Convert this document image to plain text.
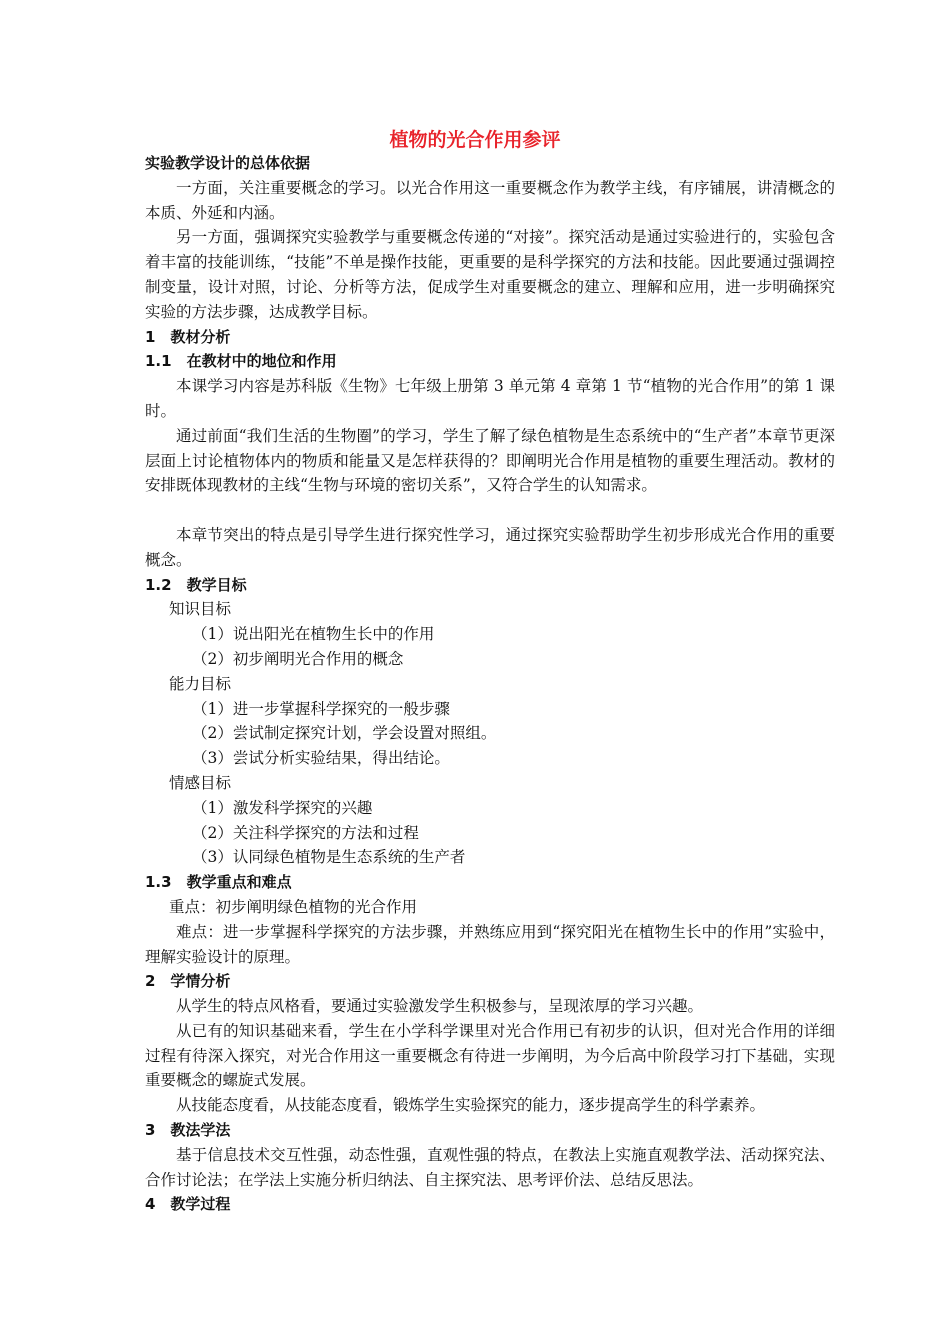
植物的光合作用参评
实验教学设计的总体依据
一方面，关注重要概念的学习。以光合作用这一重要概念作为教学主线，有序铺展，讲清概念的本质、外延和内涵。
另一方面，强调探究实验教学与重要概念传递的“对接”。探究活动是通过实验进行的，实验包含着丰富的技能训练，“技能”不单是操作技能，更重要的是科学探究的方法和技能。因此要通过强调控制变量，设计对照，讨论、分析等方法，促成学生对重要概念的建立、理解和应用，进一步明确探究实验的方法步骤，达成教学目标。
1　教材分析
1.1　在教材中的地位和作用
本课学习内容是苏科版《生物》七年级上册第 3 单元第 4 章第 1 节“植物的光合作用”的第 1 课时。
通过前面“我们生活的生物圈”的学习，学生了解了绿色植物是生态系统中的“生产者”本章节更深层面上讨论植物体内的物质和能量又是怎样获得的？即阐明光合作用是植物的重要生理活动。教材的安排既体现教材的主线“生物与环境的密切关系”，又符合学生的认知需求。
本章节突出的特点是引导学生进行探究性学习，通过探究实验帮助学生初步形成光合作用的重要概念。
1.2　教学目标
知识目标
（1）说出阳光在植物生长中的作用
（2）初步阐明光合作用的概念
能力目标
（1）进一步掌握科学探究的一般步骤
（2）尝试制定探究计划，学会设置对照组。
（3）尝试分析实验结果，得出结论。
情感目标
（1）激发科学探究的兴趣
（2）关注科学探究的方法和过程
（3）认同绿色植物是生态系统的生产者
1.3　教学重点和难点
重点：初步阐明绿色植物的光合作用
难点：进一步掌握科学探究的方法步骤，并熟练应用到“探究阳光在植物生长中的作用”实验中，理解实验设计的原理。
2　学情分析
从学生的特点风格看，要通过实验激发学生积极参与，呈现浓厚的学习兴趣。
从已有的知识基础来看，学生在小学科学课里对光合作用已有初步的认识，但对光合作用的详细过程有待深入探究，对光合作用这一重要概念有待进一步阐明，为今后高中阶段学习打下基础，实现重要概念的螺旋式发展。
从技能态度看，从技能态度看，锻炼学生实验探究的能力，逐步提高学生的科学素养。
3　教法学法
基于信息技术交互性强，动态性强，直观性强的特点，在教法上实施直观教学法、活动探究法、合作讨论法；在学法上实施分析归纳法、自主探究法、思考评价法、总结反思法。
4　教学过程
